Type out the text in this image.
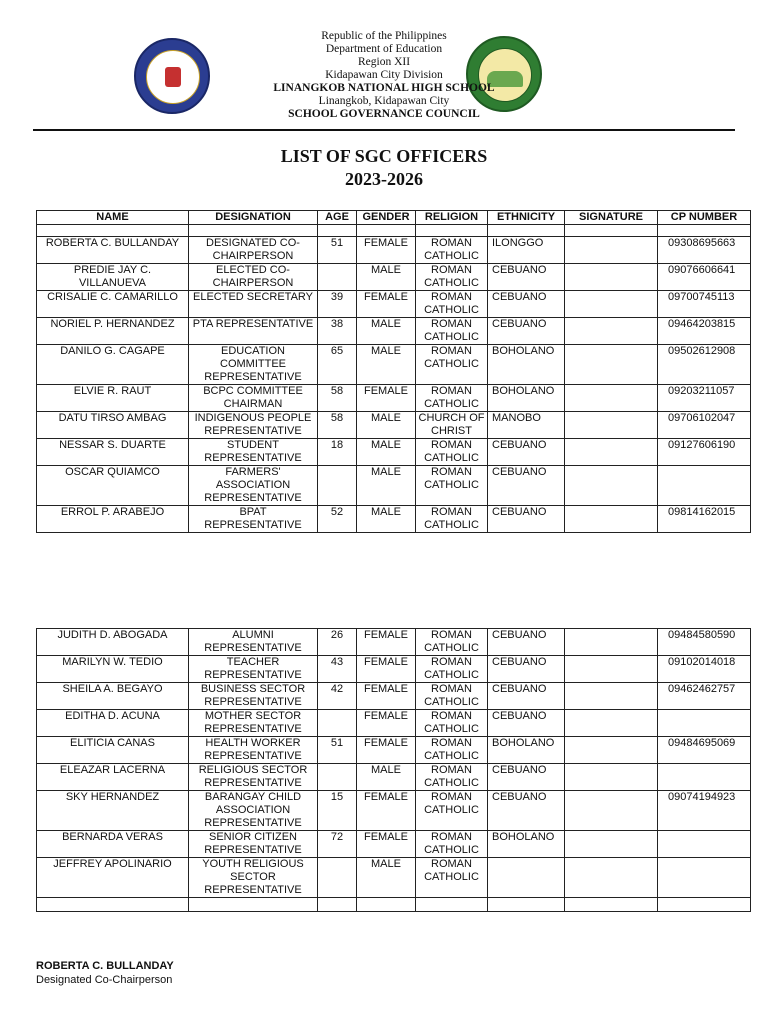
Republic of the Philippines
Department of Education
Region XII
Kidapawan City Division
LINANGKOB NATIONAL HIGH SCHOOL
Linangkob, Kidapawan City
SCHOOL GOVERNANCE COUNCIL
LIST OF SGC OFFICERS
2023-2026
NAME	DESIGNATION	AGE	GENDER	RELIGION	ETHNICITY	SIGNATURE	CP NUMBER

ROBERTA C. BULLANDAY	DESIGNATED CO-CHAIRPERSON	51	FEMALE	ROMAN CATHOLIC	ILONGGO		09308695663
PREDIE JAY C. VILLANUEVA	ELECTED CO-CHAIRPERSON		MALE	ROMAN CATHOLIC	CEBUANO		09076606641
CRISALIE C. CAMARILLO	ELECTED SECRETARY	39	FEMALE	ROMAN CATHOLIC	CEBUANO		09700745113
NORIEL P. HERNANDEZ	PTA REPRESENTATIVE	38	MALE	ROMAN CATHOLIC	CEBUANO		09464203815
DANILO G. CAGAPE	EDUCATION COMMITTEE REPRESENTATIVE	65	MALE	ROMAN CATHOLIC	BOHOLANO		09502612908
ELVIE R. RAUT	BCPC COMMITTEE CHAIRMAN	58	FEMALE	ROMAN CATHOLIC	BOHOLANO		09203211057
DATU TIRSO AMBAG	INDIGENOUS PEOPLE REPRESENTATIVE	58	MALE	CHURCH OF CHRIST	MANOBO		09706102047
NESSAR S. DUARTE	STUDENT REPRESENTATIVE	18	MALE	ROMAN CATHOLIC	CEBUANO		09127606190
OSCAR QUIAMCO	FARMERS' ASSOCIATION REPRESENTATIVE		MALE	ROMAN CATHOLIC	CEBUANO		
ERROL P. ARABEJO	BPAT REPRESENTATIVE	52	MALE	ROMAN CATHOLIC	CEBUANO		09814162015
JUDITH D. ABOGADA	ALUMNI REPRESENTATIVE	26	FEMALE	ROMAN CATHOLIC	CEBUANO		09484580590
MARILYN W. TEDIO	TEACHER REPRESENTATIVE	43	FEMALE	ROMAN CATHOLIC	CEBUANO		09102014018
SHEILA A. BEGAYO	BUSINESS SECTOR REPRESENTATIVE	42	FEMALE	ROMAN CATHOLIC	CEBUANO		09462462757
EDITHA D. ACUNA	MOTHER SECTOR REPRESENTATIVE		FEMALE	ROMAN CATHOLIC	CEBUANO		
ELITICIA CANAS	HEALTH WORKER REPRESENTATIVE	51	FEMALE	ROMAN CATHOLIC	BOHOLANO		09484695069
ELEAZAR LACERNA	RELIGIOUS SECTOR REPRESENTATIVE		MALE	ROMAN CATHOLIC	CEBUANO		
SKY HERNANDEZ	BARANGAY CHILD ASSOCIATION REPRESENTATIVE	15	FEMALE	ROMAN CATHOLIC	CEBUANO		09074194923
BERNARDA VERAS	SENIOR CITIZEN REPRESENTATIVE	72	FEMALE	ROMAN CATHOLIC	BOHOLANO		
JEFFREY APOLINARIO	YOUTH RELIGIOUS SECTOR REPRESENTATIVE		MALE	ROMAN CATHOLIC			

ROBERTA C. BULLANDAY
Designated Co-Chairperson
